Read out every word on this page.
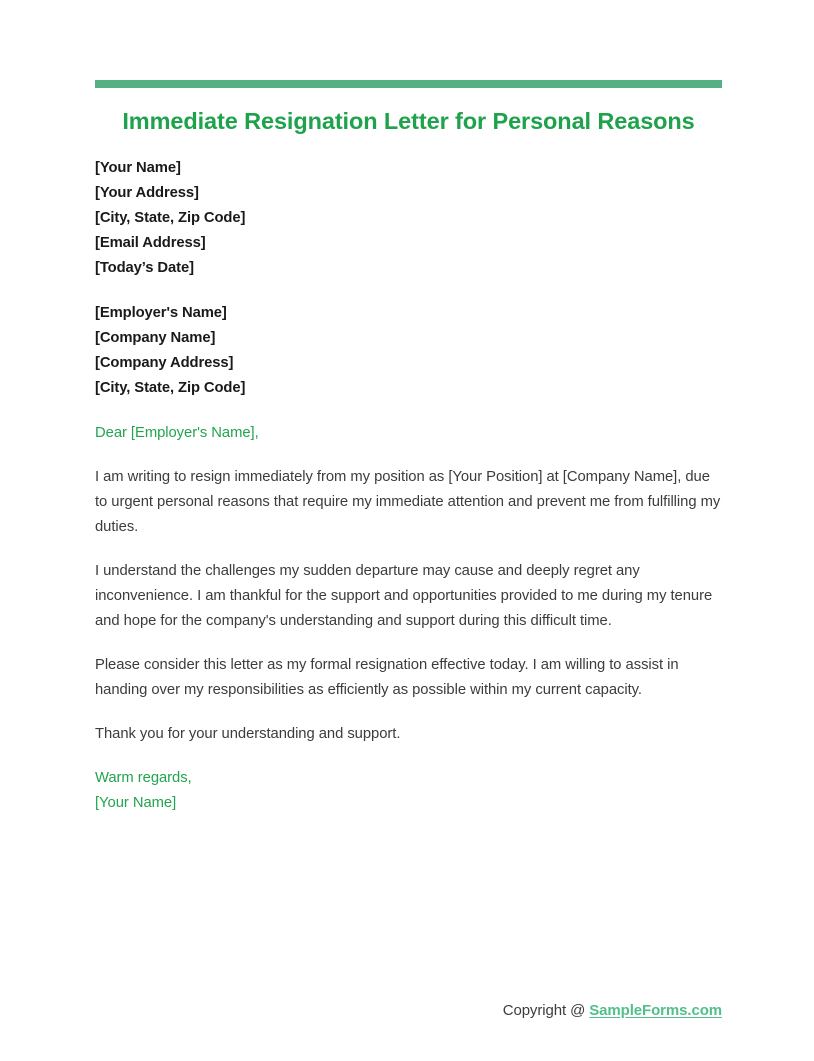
Immediate Resignation Letter for Personal Reasons
[Your Name]
[Your Address]
[City, State, Zip Code]
[Email Address]
[Today’s Date]
[Employer's Name]
[Company Name]
[Company Address]
[City, State, Zip Code]
Dear [Employer's Name],

I am writing to resign immediately from my position as [Your Position] at [Company Name], due to urgent personal reasons that require my immediate attention and prevent me from fulfilling my duties.

I understand the challenges my sudden departure may cause and deeply regret any inconvenience. I am thankful for the support and opportunities provided to me during my tenure and hope for the company's understanding and support during this difficult time.

Please consider this letter as my formal resignation effective today. I am willing to assist in handing over my responsibilities as efficiently as possible within my current capacity.

Thank you for your understanding and support.

Warm regards,
[Your Name]
Copyright @ SampleForms.com
